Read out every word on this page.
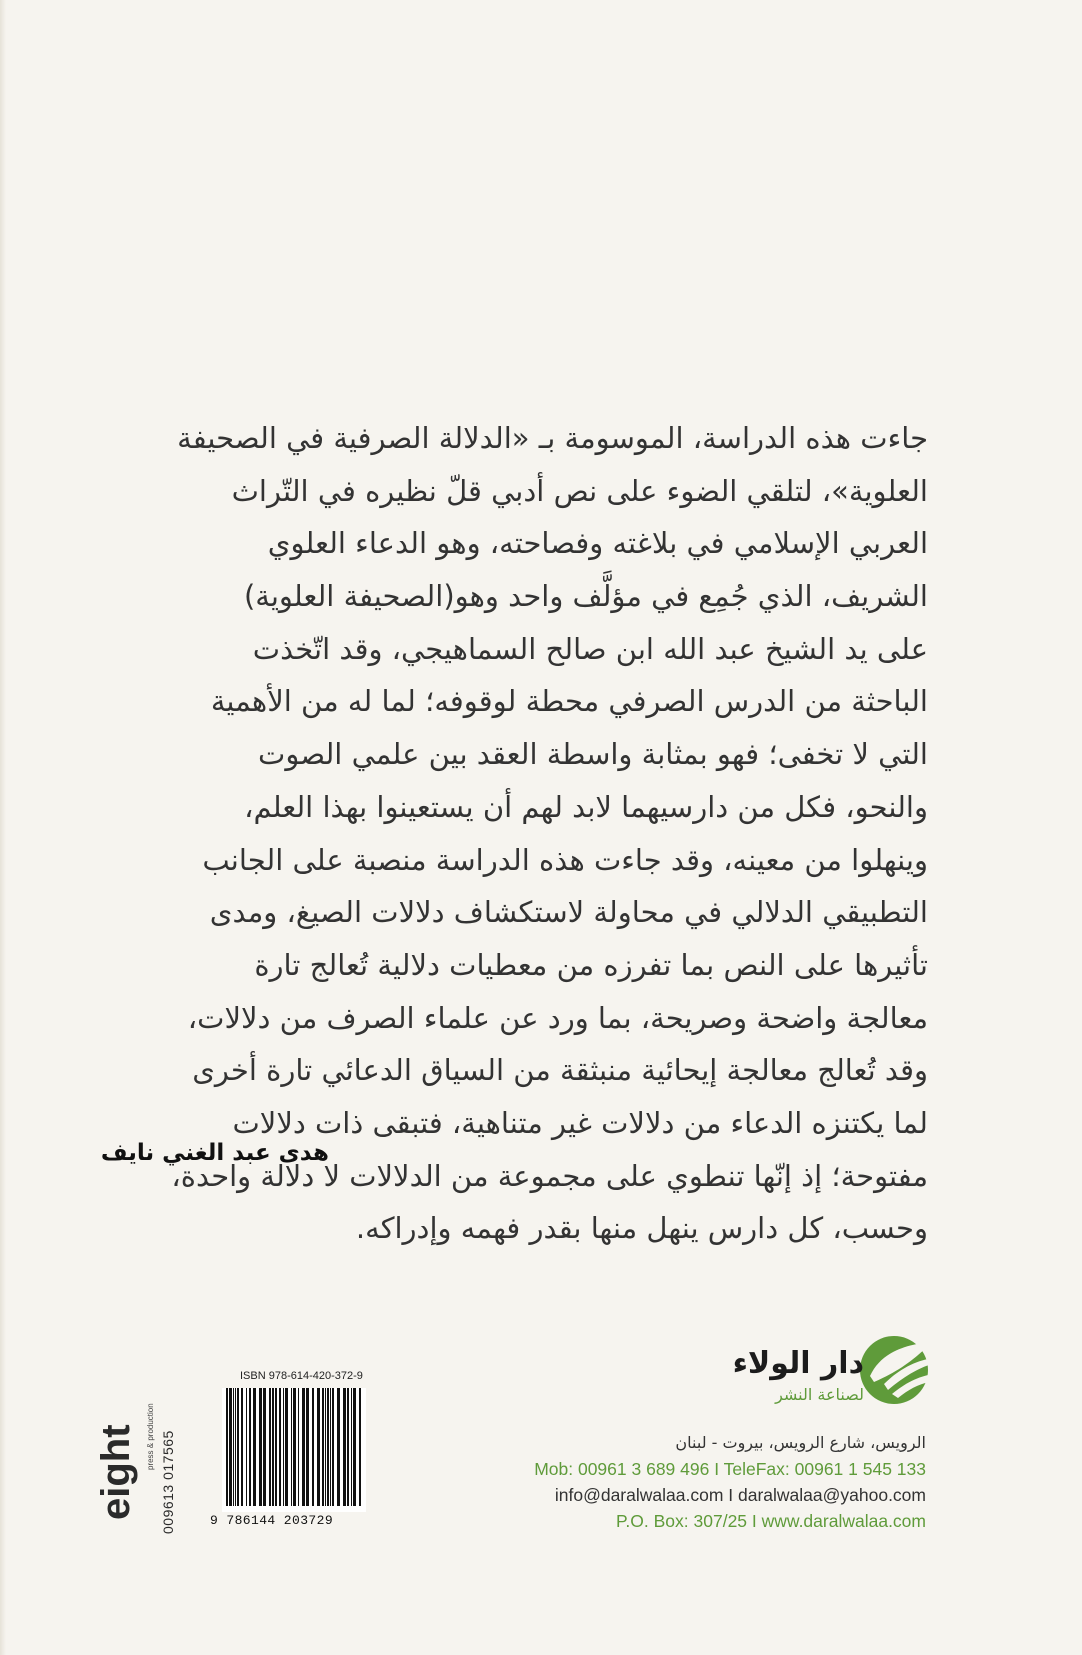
جاءت هذه الدراسة، الموسومة بـ «الدلالة الصرفية في الصحيفة
العلوية»، لتلقي الضوء على نص أدبي قلّ نظيره في التّراث
العربي الإسلامي في بلاغته وفصاحته، وهو الدعاء العلوي
الشريف، الذي جُمِع في مؤلَّف واحد وهو(الصحيفة العلوية)
على يد الشيخ عبد الله ابن صالح السماهيجي، وقد اتّخذت
الباحثة من الدرس الصرفي محطة لوقوفه؛ لما له من الأهمية
التي لا تخفى؛ فهو بمثابة واسطة العقد بين علمي الصوت
والنحو، فكل من دارسيهما لابد لهم أن يستعينوا بهذا العلم،
وينهلوا من معينه، وقد جاءت هذه الدراسة منصبة على الجانب
التطبيقي الدلالي في محاولة لاستكشاف دلالات الصيغ، ومدى
تأثيرها على النص بما تفرزه من معطيات دلالية تُعالج تارة
معالجة واضحة وصريحة، بما ورد عن علماء الصرف من دلالات،
وقد تُعالج معالجة إيحائية منبثقة من السياق الدعائي تارة أخرى
لما يكتنزه الدعاء من دلالات غير متناهية، فتبقى ذات دلالات
مفتوحة؛ إذ إنّها تنطوي على مجموعة من الدلالات لا دلالة واحدة،
وحسب، كل دارس ينهل منها بقدر فهمه وإدراكه.
هدى عبد الغني نايف
دار الولاء
لصناعة النشر
الرويس، شارع الرويس، بيروت - لبنان
Mob: 00961 3 689 496 I TeleFax: 00961 1 545 133
info@daralwalaa.com I daralwalaa@yahoo.com
P.O. Box: 307/25 I www.daralwalaa.com
ISBN 978-614-420-372-9
9 786144 203729
eight press & production 009613 017565
